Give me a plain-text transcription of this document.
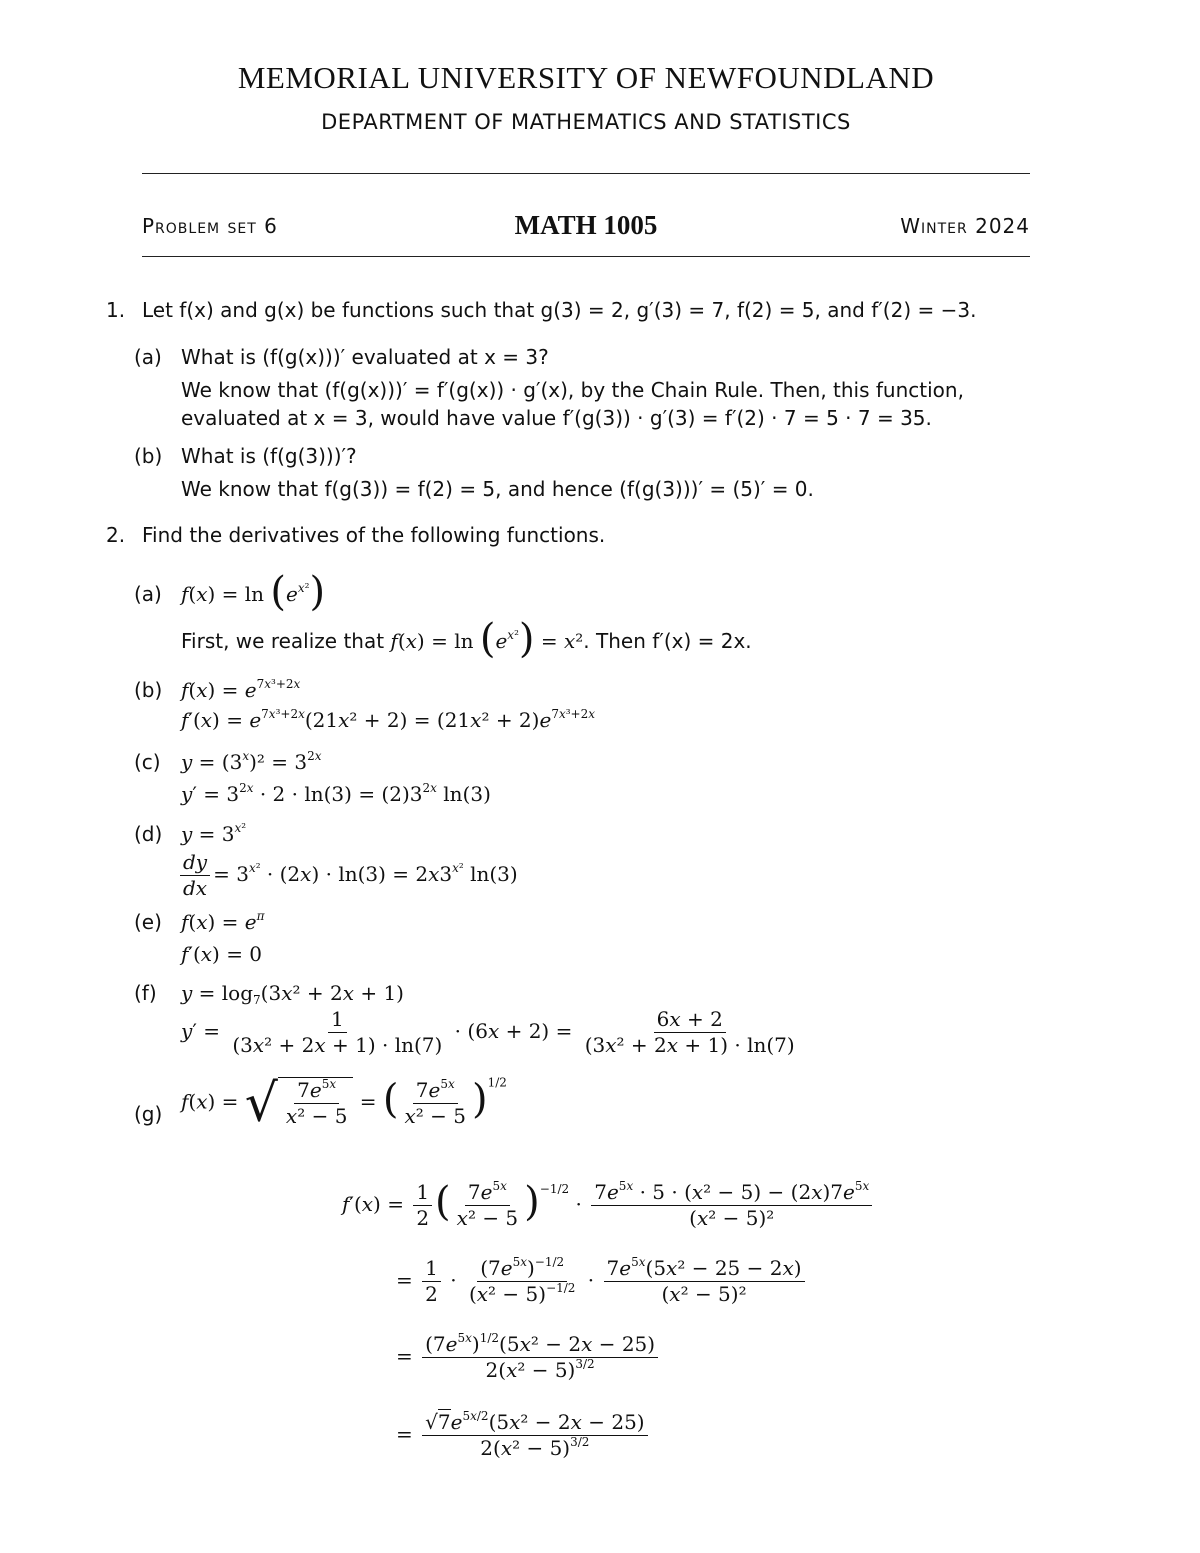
MEMORIAL UNIVERSITY OF NEWFOUNDLAND
DEPARTMENT OF MATHEMATICS AND STATISTICS
Problem set 6	MATH 1005	Winter 2024
1. Let f(x) and g(x) be functions such that g(3) = 2, g′(3) = 7, f(2) = 5, and f′(2) = −3.
(a) What is (f(g(x)))′ evaluated at x = 3?
We know that (f(g(x)))′ = f′(g(x)) · g′(x), by the Chain Rule. Then, this function,
evaluated at x = 3, would have value f′(g(3)) · g′(3) = f′(2) · 7 = 5 · 7 = 35.
(b) What is (f(g(3)))′?
We know that f(g(3)) = f(2) = 5, and hence (f(g(3)))′ = (5)′ = 0.
2. Find the derivatives of the following functions.
(a) $f(x) = \ln (e^{x^2})$
First, we realize that $f(x) = \ln (e^{x^2}) = x^2$. Then f′(x) = 2x.
(b) $f(x) = e^{7x^3+2x}$
$f'(x) = e^{7x^3+2x}(21x^2 + 2) = (21x^2 + 2)e^{7x^3+2x}$
(c) $y = (3^x)^2 = 3^{2x}$
$y' = 3^{2x} \cdot 2 \cdot \ln(3) = (2)3^{2x}$ ln(3)
(d) $y = 3^{x^2}$
$\frac{dy}{dx} = 3^{x^2} \cdot (2x) \cdot \ln(3) = 2x3^{x^2}$ ln(3)
(e) $f(x) = e^\pi$
f′(x) = 0
(f) $y = \log_7(3x^2 + 2x + 1)$
$y' = \frac{1}{\text{(3x² + 2x + 1) · ln(7)}} \cdot (6x + 2) = \frac{6x + 2}{\text{(3x² + 2x + 1) · ln(7)}}$
(g)
f(x) = √ $\frac{7e^{5x}}{\text{x² − 5}}$ = ( $\frac{7e^{5x}}{\text{x² − 5}} )^{1/2}$
$f'(x) = \frac{1}{2}$ ( $\frac{7e^{5x}}{\text{x² − 5}} )^{-1/2} \cdot \frac{7e^{5x} \cdot 5 \cdot (x^2 - 5) - (2x)7e^{5x}}{\text{(x² − 5)²}}$
= $\frac{1}{2} \cdot \frac{(7e^{5x})^{-1/2}}{(x^2 - 5)^{-1/2}} \cdot \frac{7e^{5x}(5x^2 - 25 - 2x)}{\text{(x² − 5)²}}$
= $\frac{(7e^{5x})^{1/2}(5x^2 - 2x - 25)}{2(x^2 - 5)^{3/2}}$
= $\frac{√7e^{5x/2}(5x^2 - 2x - 25)}{2(x^2 - 5)^{3/2}}$
